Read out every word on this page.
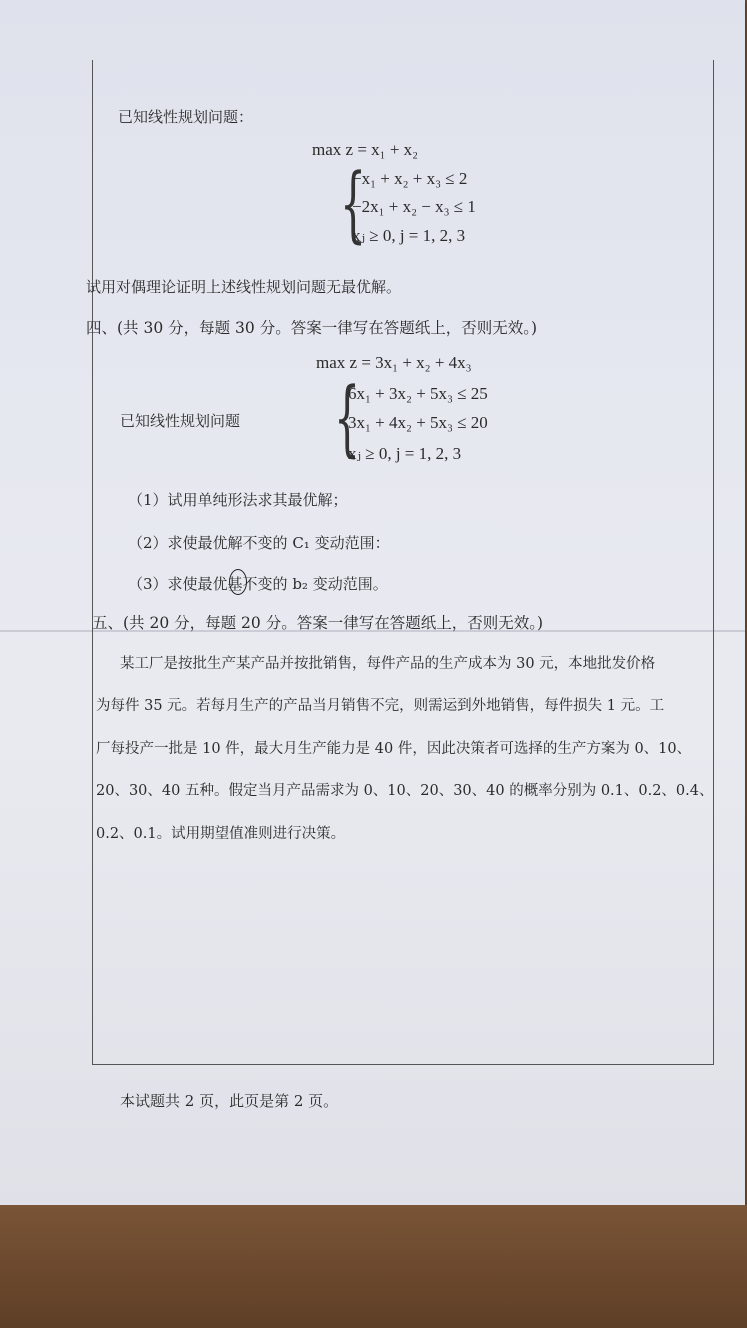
已知线性规划问题：
max z = x₁ + x₂
{
−x₁ + x₂ + x₃ ≤ 2
−2x₁ + x₂ − x₃ ≤ 1
xⱼ ≥ 0, j = 1, 2, 3
试用对偶理论证明上述线性规划问题无最优解。
四、(共 30 分，每题 30 分。答案一律写在答题纸上，否则无效。)
max z = 3x₁ + x₂ + 4x₃
已知线性规划问题 {
6x₁ + 3x₂ + 5x₃ ≤ 25
3x₁ + 4x₂ + 5x₃ ≤ 20
xⱼ ≥ 0, j = 1, 2, 3
（1）试用单纯形法求其最优解；
（2）求使最优解不变的 C₁ 变动范围：
（3）求使最优基不变的 b₂ 变动范围。
五、(共 20 分，每题 20 分。答案一律写在答题纸上，否则无效。)
某工厂是按批生产某产品并按批销售，每件产品的生产成本为 30 元，本地批发价格
为每件 35 元。若每月生产的产品当月销售不完，则需运到外地销售，每件损失 1 元。工
厂每投产一批是 10 件，最大月生产能力是 40 件，因此决策者可选择的生产方案为 0、10、
20、30、40 五种。假定当月产品需求为 0、10、20、30、40 的概率分别为 0.1、0.2、0.4、
0.2、0.1。试用期望值准则进行决策。
本试题共 2 页，此页是第 2 页。
